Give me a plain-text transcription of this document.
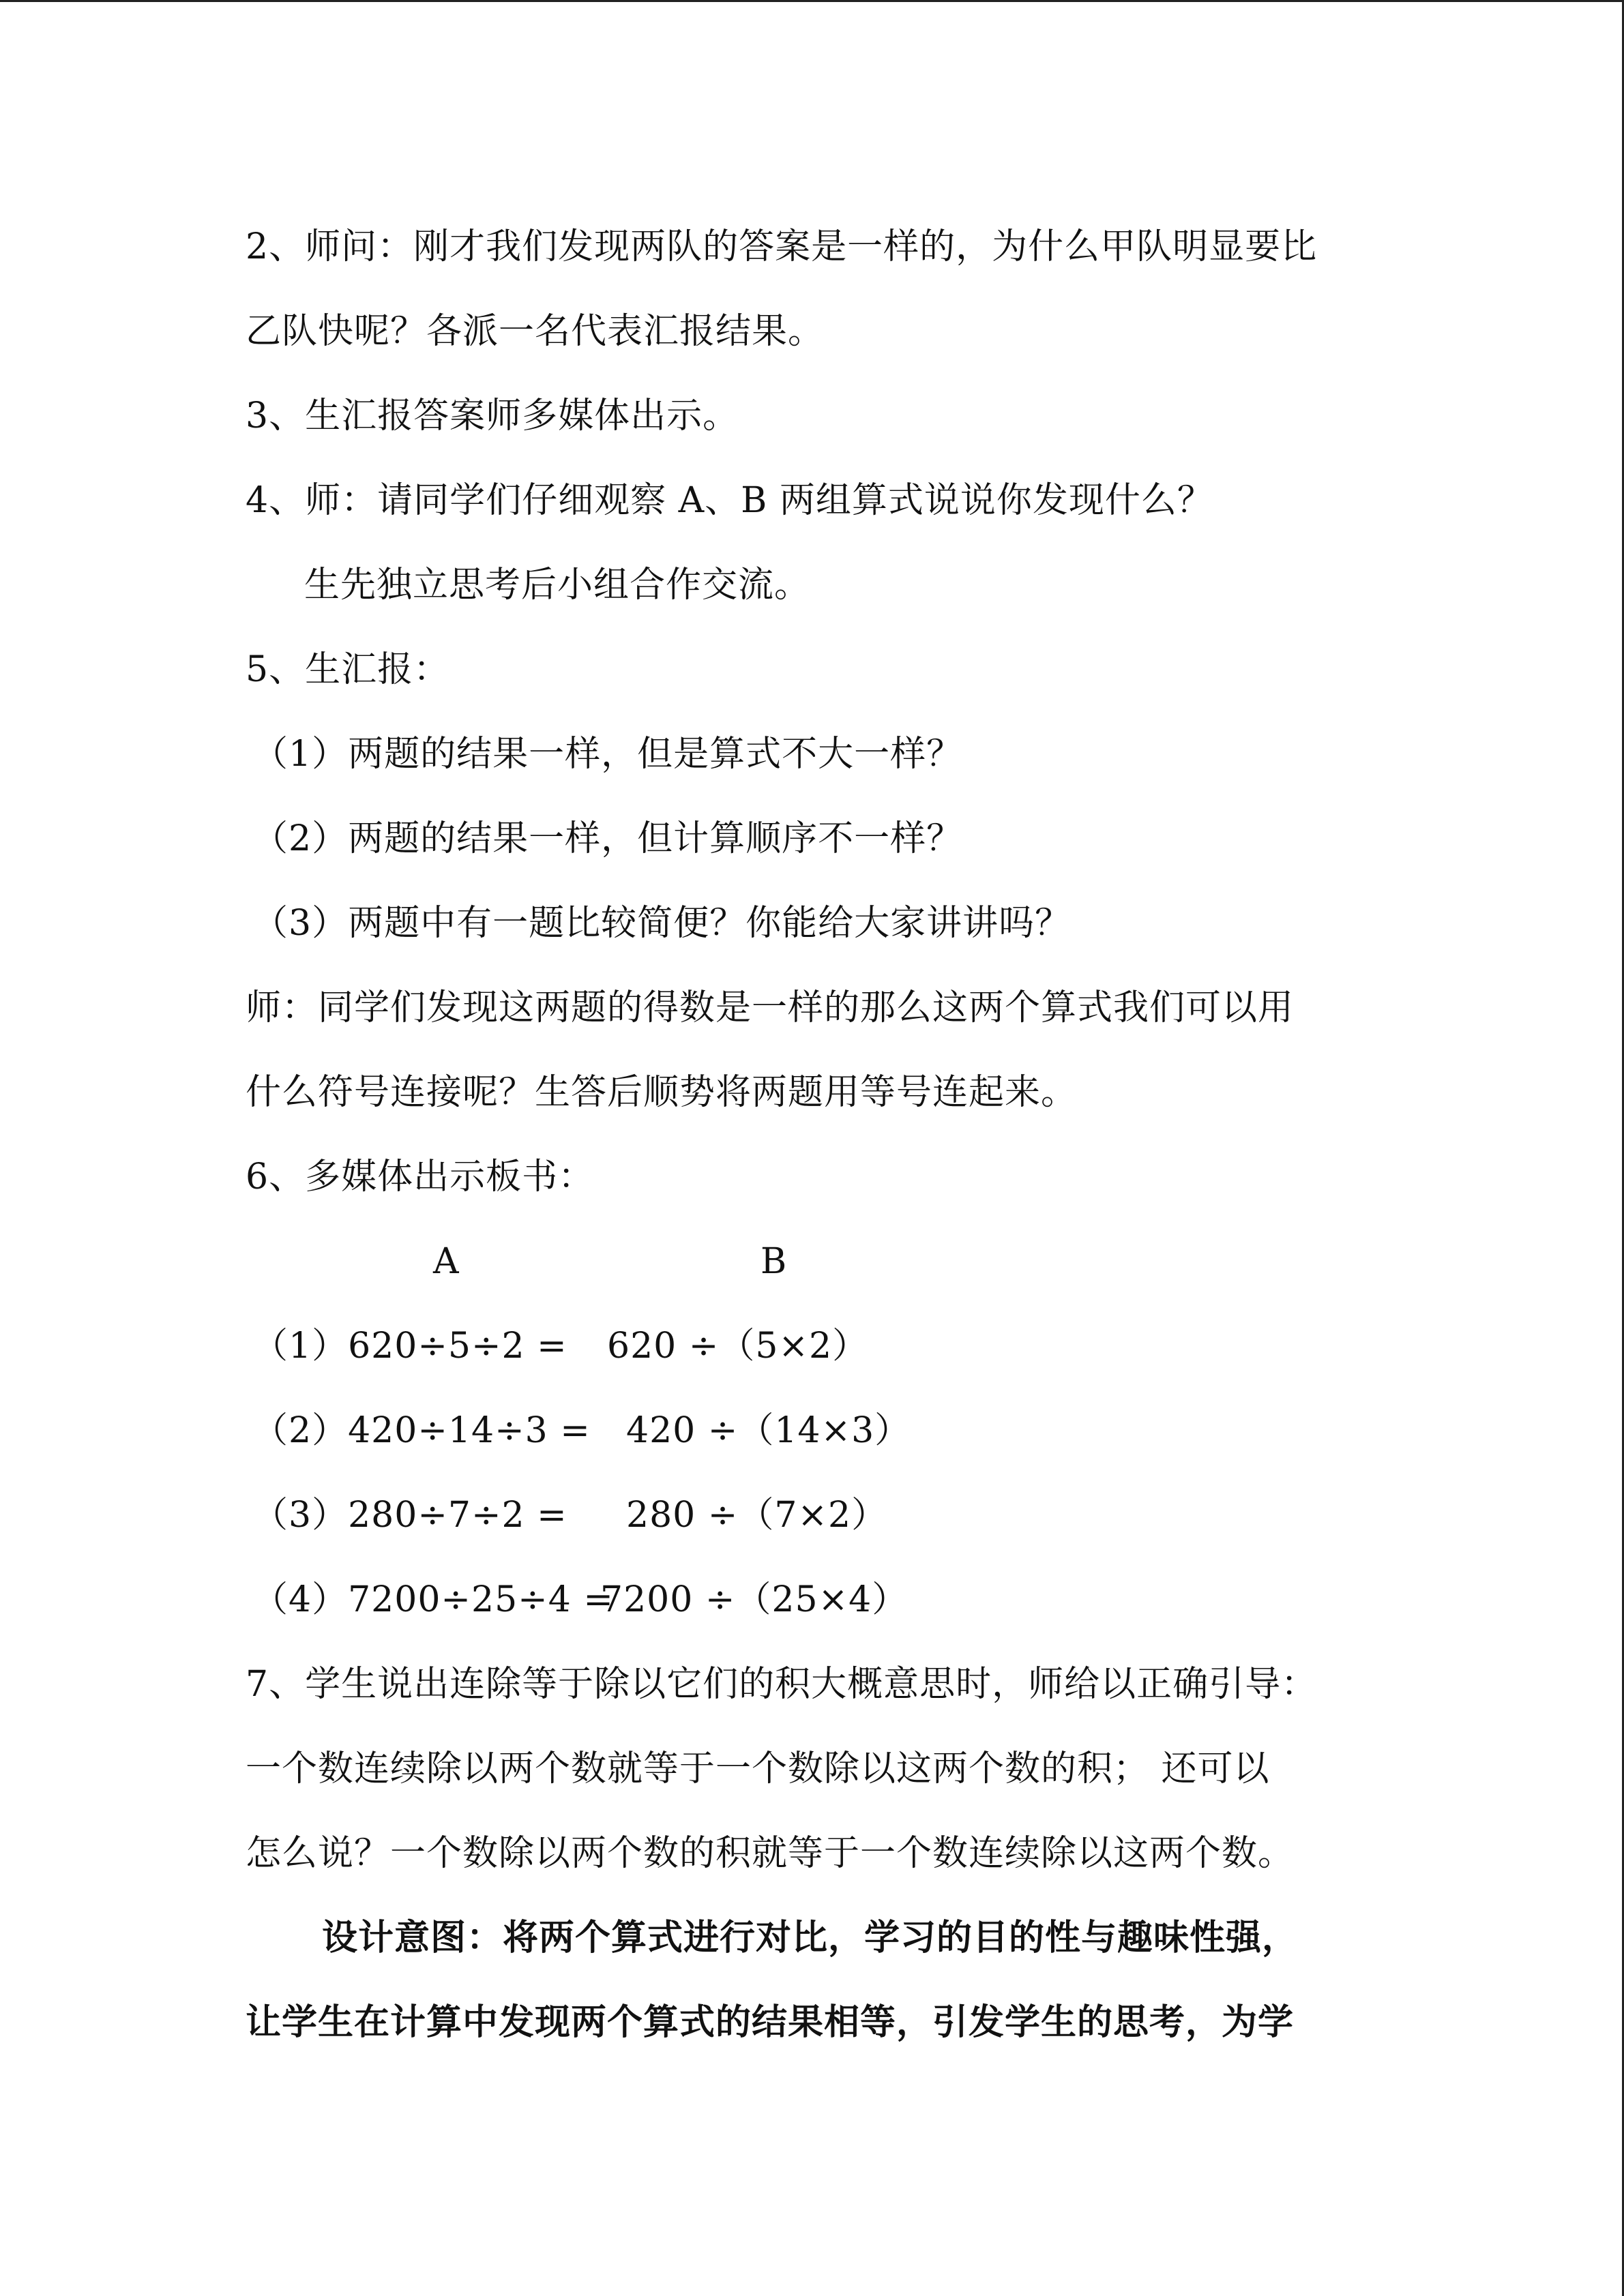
2、师问：刚才我们发现两队的答案是一样的，为什么甲队明显要比
乙队快呢？各派一名代表汇报结果。
3、生汇报答案师多媒体出示。
4、师：请同学们仔细观察 A、B 两组算式说说你发现什么？
生先独立思考后小组合作交流。
5、生汇报：
（1）两题的结果一样，但是算式不大一样？
（2）两题的结果一样，但计算顺序不一样？
（3）两题中有一题比较简便？你能给大家讲讲吗？
师：同学们发现这两题的得数是一样的那么这两个算式我们可以用
什么符号连接呢？生答后顺势将两题用等号连起来。
6、多媒体出示板书：
A	B
（1）620÷5÷2 = 620 ÷（5×2）
（2）420÷14÷3 = 420 ÷（14×3）
（3）280÷7÷2 = 280 ÷（7×2）
（4）7200÷25÷4 =
7200 ÷（25×4）
7、学生说出连除等于除以它们的积大概意思时，师给以正确引导：
一个数连续除以两个数就等于一个数除以这两个数的积； 还可以
怎么说？一个数除以两个数的积就等于一个数连续除以这两个数。
设计意图：将两个算式进行对比，学习的目的性与趣味性强，
让学生在计算中发现两个算式的结果相等，引发学生的思考，为学
